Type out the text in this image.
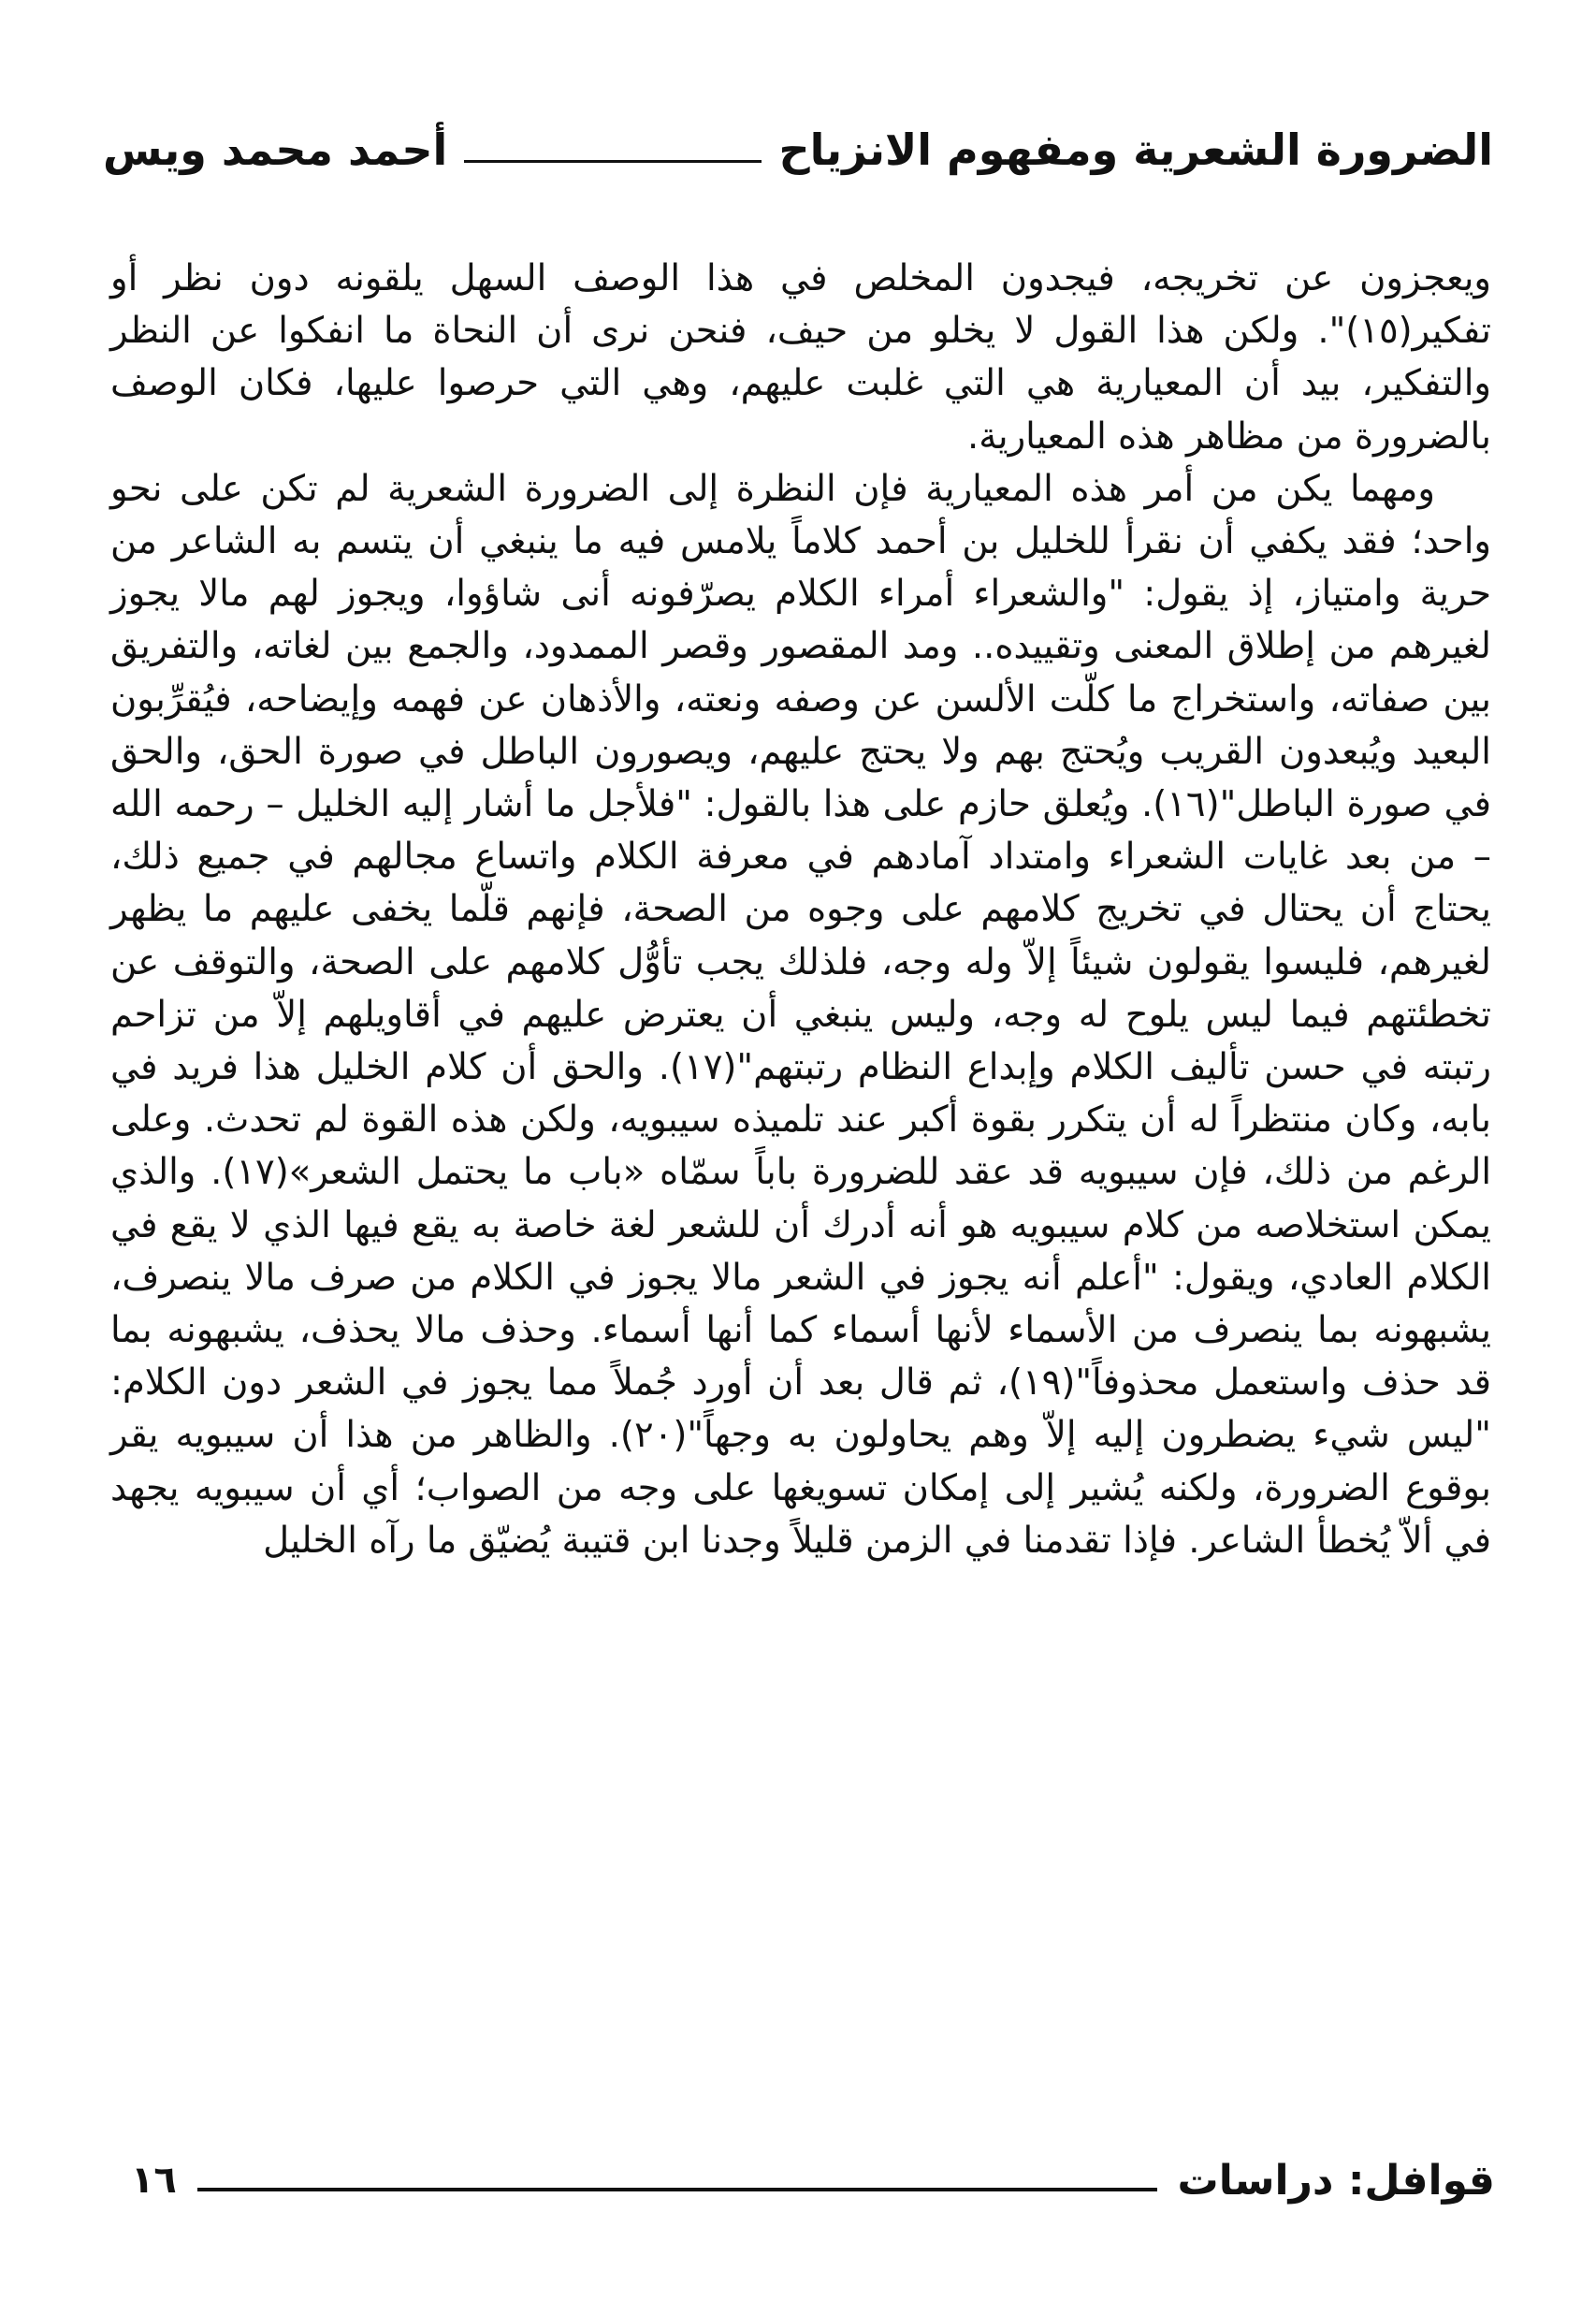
الضرورة الشعرية ومفهوم الانزياح
أحمد محمد ويس

ويعجزون عن تخريجه، فيجدون المخلص في هذا الوصف السهل يلقونه دون نظر أو تفكير(١٥)". ولكن هذا القول لا يخلو من حيف، فنحن نرى أن النحاة ما انفكوا عن النظر والتفكير، بيد أن المعيارية هي التي غلبت عليهم، وهي التي حرصوا عليها، فكان الوصف بالضرورة من مظاهر هذه المعيارية.

ومهما يكن من أمر هذه المعيارية فإن النظرة إلى الضرورة الشعرية لم تكن على نحو واحد؛ فقد يكفي أن نقرأ للخليل بن أحمد كلاماً يلامس فيه ما ينبغي أن يتسم به الشاعر من حرية وامتياز، إذ يقول: "والشعراء أمراء الكلام يصرّفونه أنى شاؤوا، ويجوز لهم مالا يجوز لغيرهم من إطلاق المعنى وتقييده.. ومد المقصور وقصر الممدود، والجمع بين لغاته، والتفريق بين صفاته، واستخراج ما كلّت الألسن عن وصفه ونعته، والأذهان عن فهمه وإيضاحه، فيُقرِّبون البعيد ويُبعدون القريب ويُحتج بهم ولا يحتج عليهم، ويصورون الباطل في صورة الحق، والحق في صورة الباطل"(١٦). ويُعلق حازم على هذا بالقول: "فلأجل ما أشار إليه الخليل – رحمه الله – من بعد غايات الشعراء وامتداد آمادهم في معرفة الكلام واتساع مجالهم في جميع ذلك، يحتاج أن يحتال في تخريج كلامهم على وجوه من الصحة، فإنهم قلّما يخفى عليهم ما يظهر لغيرهم، فليسوا يقولون شيئاً إلاّ وله وجه، فلذلك يجب تأوُّل كلامهم على الصحة، والتوقف عن تخطئتهم فيما ليس يلوح له وجه، وليس ينبغي أن يعترض عليهم في أقاويلهم إلاّ من تزاحم رتبته في حسن تأليف الكلام وإبداع النظام رتبتهم"(١٧). والحق أن كلام الخليل هذا فريد في بابه، وكان منتظراً له أن يتكرر بقوة أكبر عند تلميذه سيبويه، ولكن هذه القوة لم تحدث. وعلى الرغم من ذلك، فإن سيبويه قد عقد للضرورة باباً سمّاه «باب ما يحتمل الشعر»(١٧). والذي يمكن استخلاصه من كلام سيبويه هو أنه أدرك أن للشعر لغة خاصة به يقع فيها الذي لا يقع في الكلام العادي، ويقول: "أعلم أنه يجوز في الشعر مالا يجوز في الكلام من صرف مالا ينصرف، يشبهونه بما ينصرف من الأسماء لأنها أسماء كما أنها أسماء. وحذف مالا يحذف، يشبهونه بما قد حذف واستعمل محذوفاً"(١٩)، ثم قال بعد أن أورد جُملاً مما يجوز في الشعر دون الكلام: "ليس شيء يضطرون إليه إلاّ وهم يحاولون به وجهاً"(٢٠). والظاهر من هذا أن سيبويه يقر بوقوع الضرورة، ولكنه يُشير إلى إمكان تسويغها على وجه من الصواب؛ أي أن سيبويه يجهد في ألاّ يُخطأ الشاعر. فإذا تقدمنا في الزمن قليلاً وجدنا ابن قتيبة يُضيّق ما رآه الخليل

قوافل: دراسات
١٦
